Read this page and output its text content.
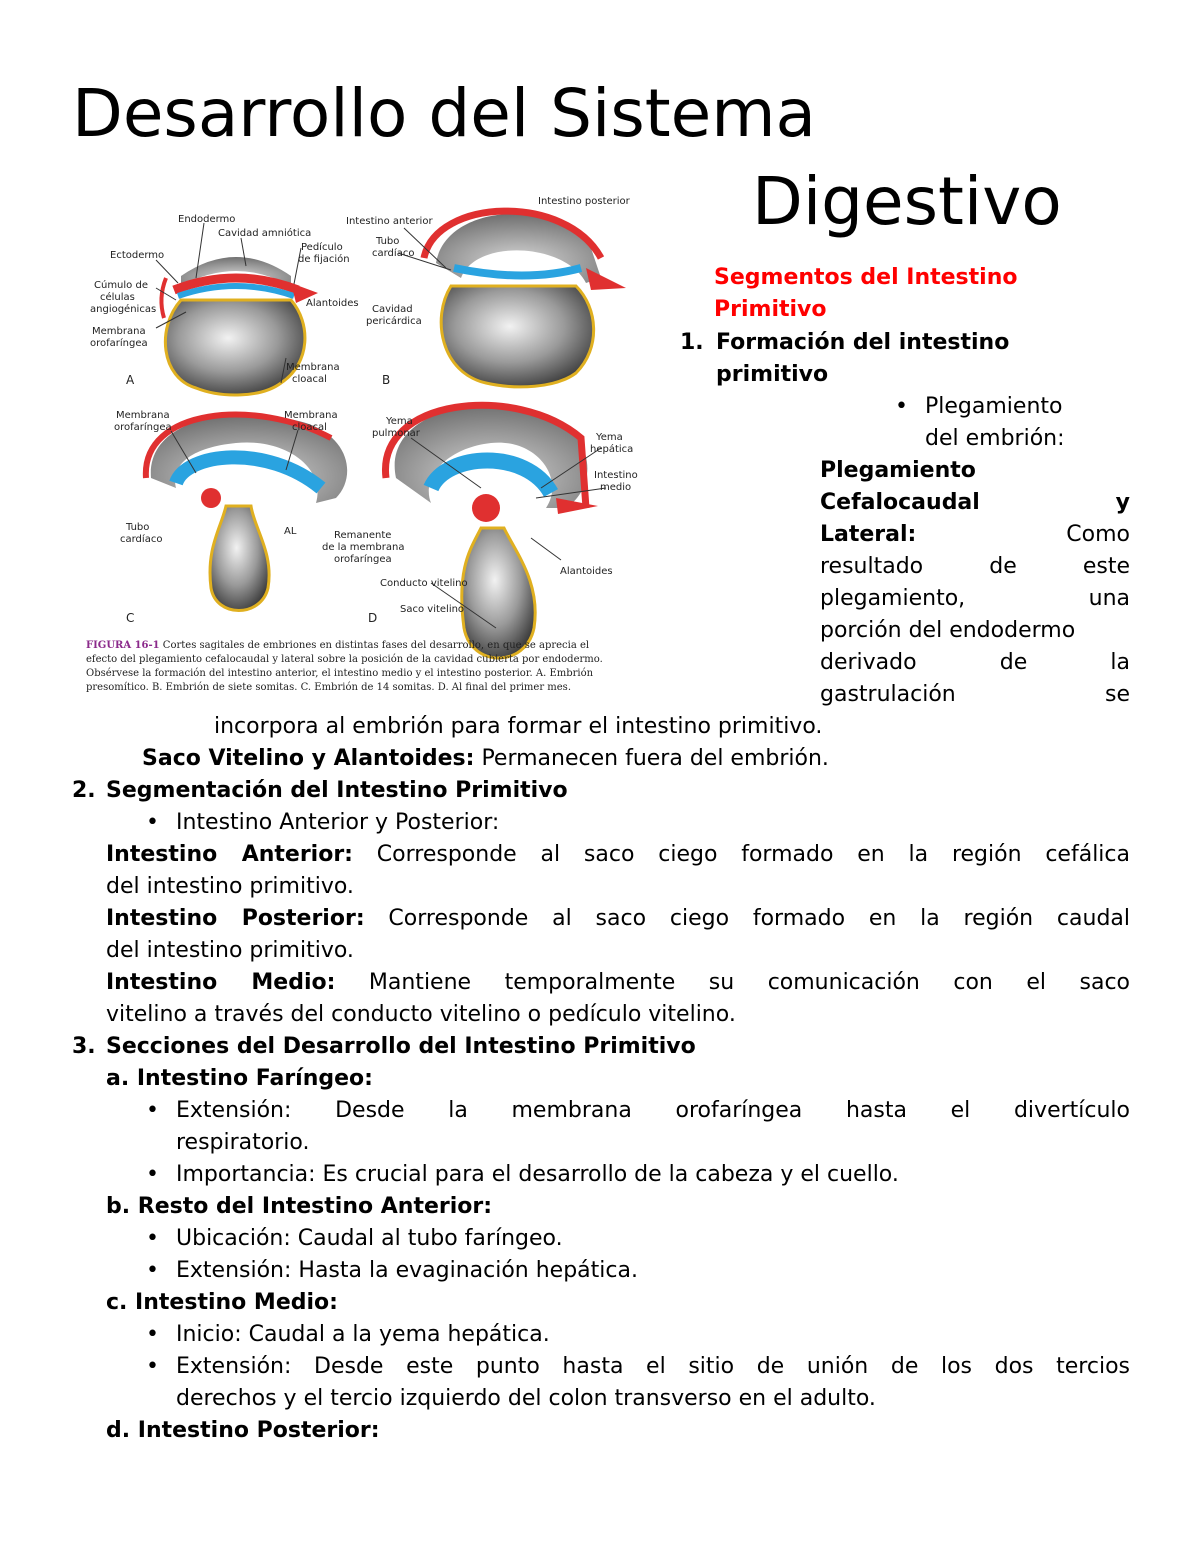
Desarrollo del Sistema
Digestivo
Endodermo
Cavidad amniótica
Ectodermo
Pedículo
de fijación
Cúmulo de
células
angiogénicas
Alantoides
Membrana
orofaríngea
Membrana
cloacal
Intestino anterior
Intestino posterior
Tubo
cardíaco
Cavidad
pericárdica
Membrana
orofaríngea
Membrana
cloacal
Tubo
cardíaco
AL
Yema
pulmonar	Yema
hepática
Intestino
medio
Remanente
de la membrana
orofaríngea
Conducto vitelino
Alantoides
Saco vitelino
A	B
C	D
FIGURA 16-1 Cortes sagitales de embriones en distintas fases del desarrollo, en que se aprecia el
efecto del plegamiento cefalocaudal y lateral sobre la posición de la cavidad cubierta por endodermo.
Obsérvese la formación del intestino anterior, el intestino medio y el intestino posterior. A. Embrión
presomítico. B. Embrión de siete somitas. C. Embrión de 14 somitas. D. Al final del primer mes.
Segmentos del Intestino
Primitivo
1. Formación del intestino
primitivo
• Plegamiento
del embrión:
Plegamiento
Cefalocaudal	y
Lateral:	Como
resultado	de	este
plegamiento,	una
porción del endodermo
derivado	de	la
gastrulación	se
incorpora al embrión para formar el intestino primitivo.
Saco Vitelino y Alantoides: Permanecen fuera del embrión.
2. Segmentación del Intestino Primitivo
• Intestino Anterior y Posterior:
Intestino Anterior: Corresponde al saco ciego formado en la región cefálica
del intestino primitivo.
Intestino Posterior: Corresponde al saco ciego formado en la región caudal
del intestino primitivo.
Intestino Medio: Mantiene temporalmente su comunicación con el saco
vitelino a través del conducto vitelino o pedículo vitelino.
3. Secciones del Desarrollo del Intestino Primitivo
a. Intestino Faríngeo:
• Extensión: Desde la membrana orofaríngea hasta el divertículo
respiratorio.
• Importancia: Es crucial para el desarrollo de la cabeza y el cuello.
b. Resto del Intestino Anterior:
• Ubicación: Caudal al tubo faríngeo.
• Extensión: Hasta la evaginación hepática.
c. Intestino Medio:
• Inicio: Caudal a la yema hepática.
• Extensión: Desde este punto hasta el sitio de unión de los dos tercios
derechos y el tercio izquierdo del colon transverso en el adulto.
d. Intestino Posterior:
